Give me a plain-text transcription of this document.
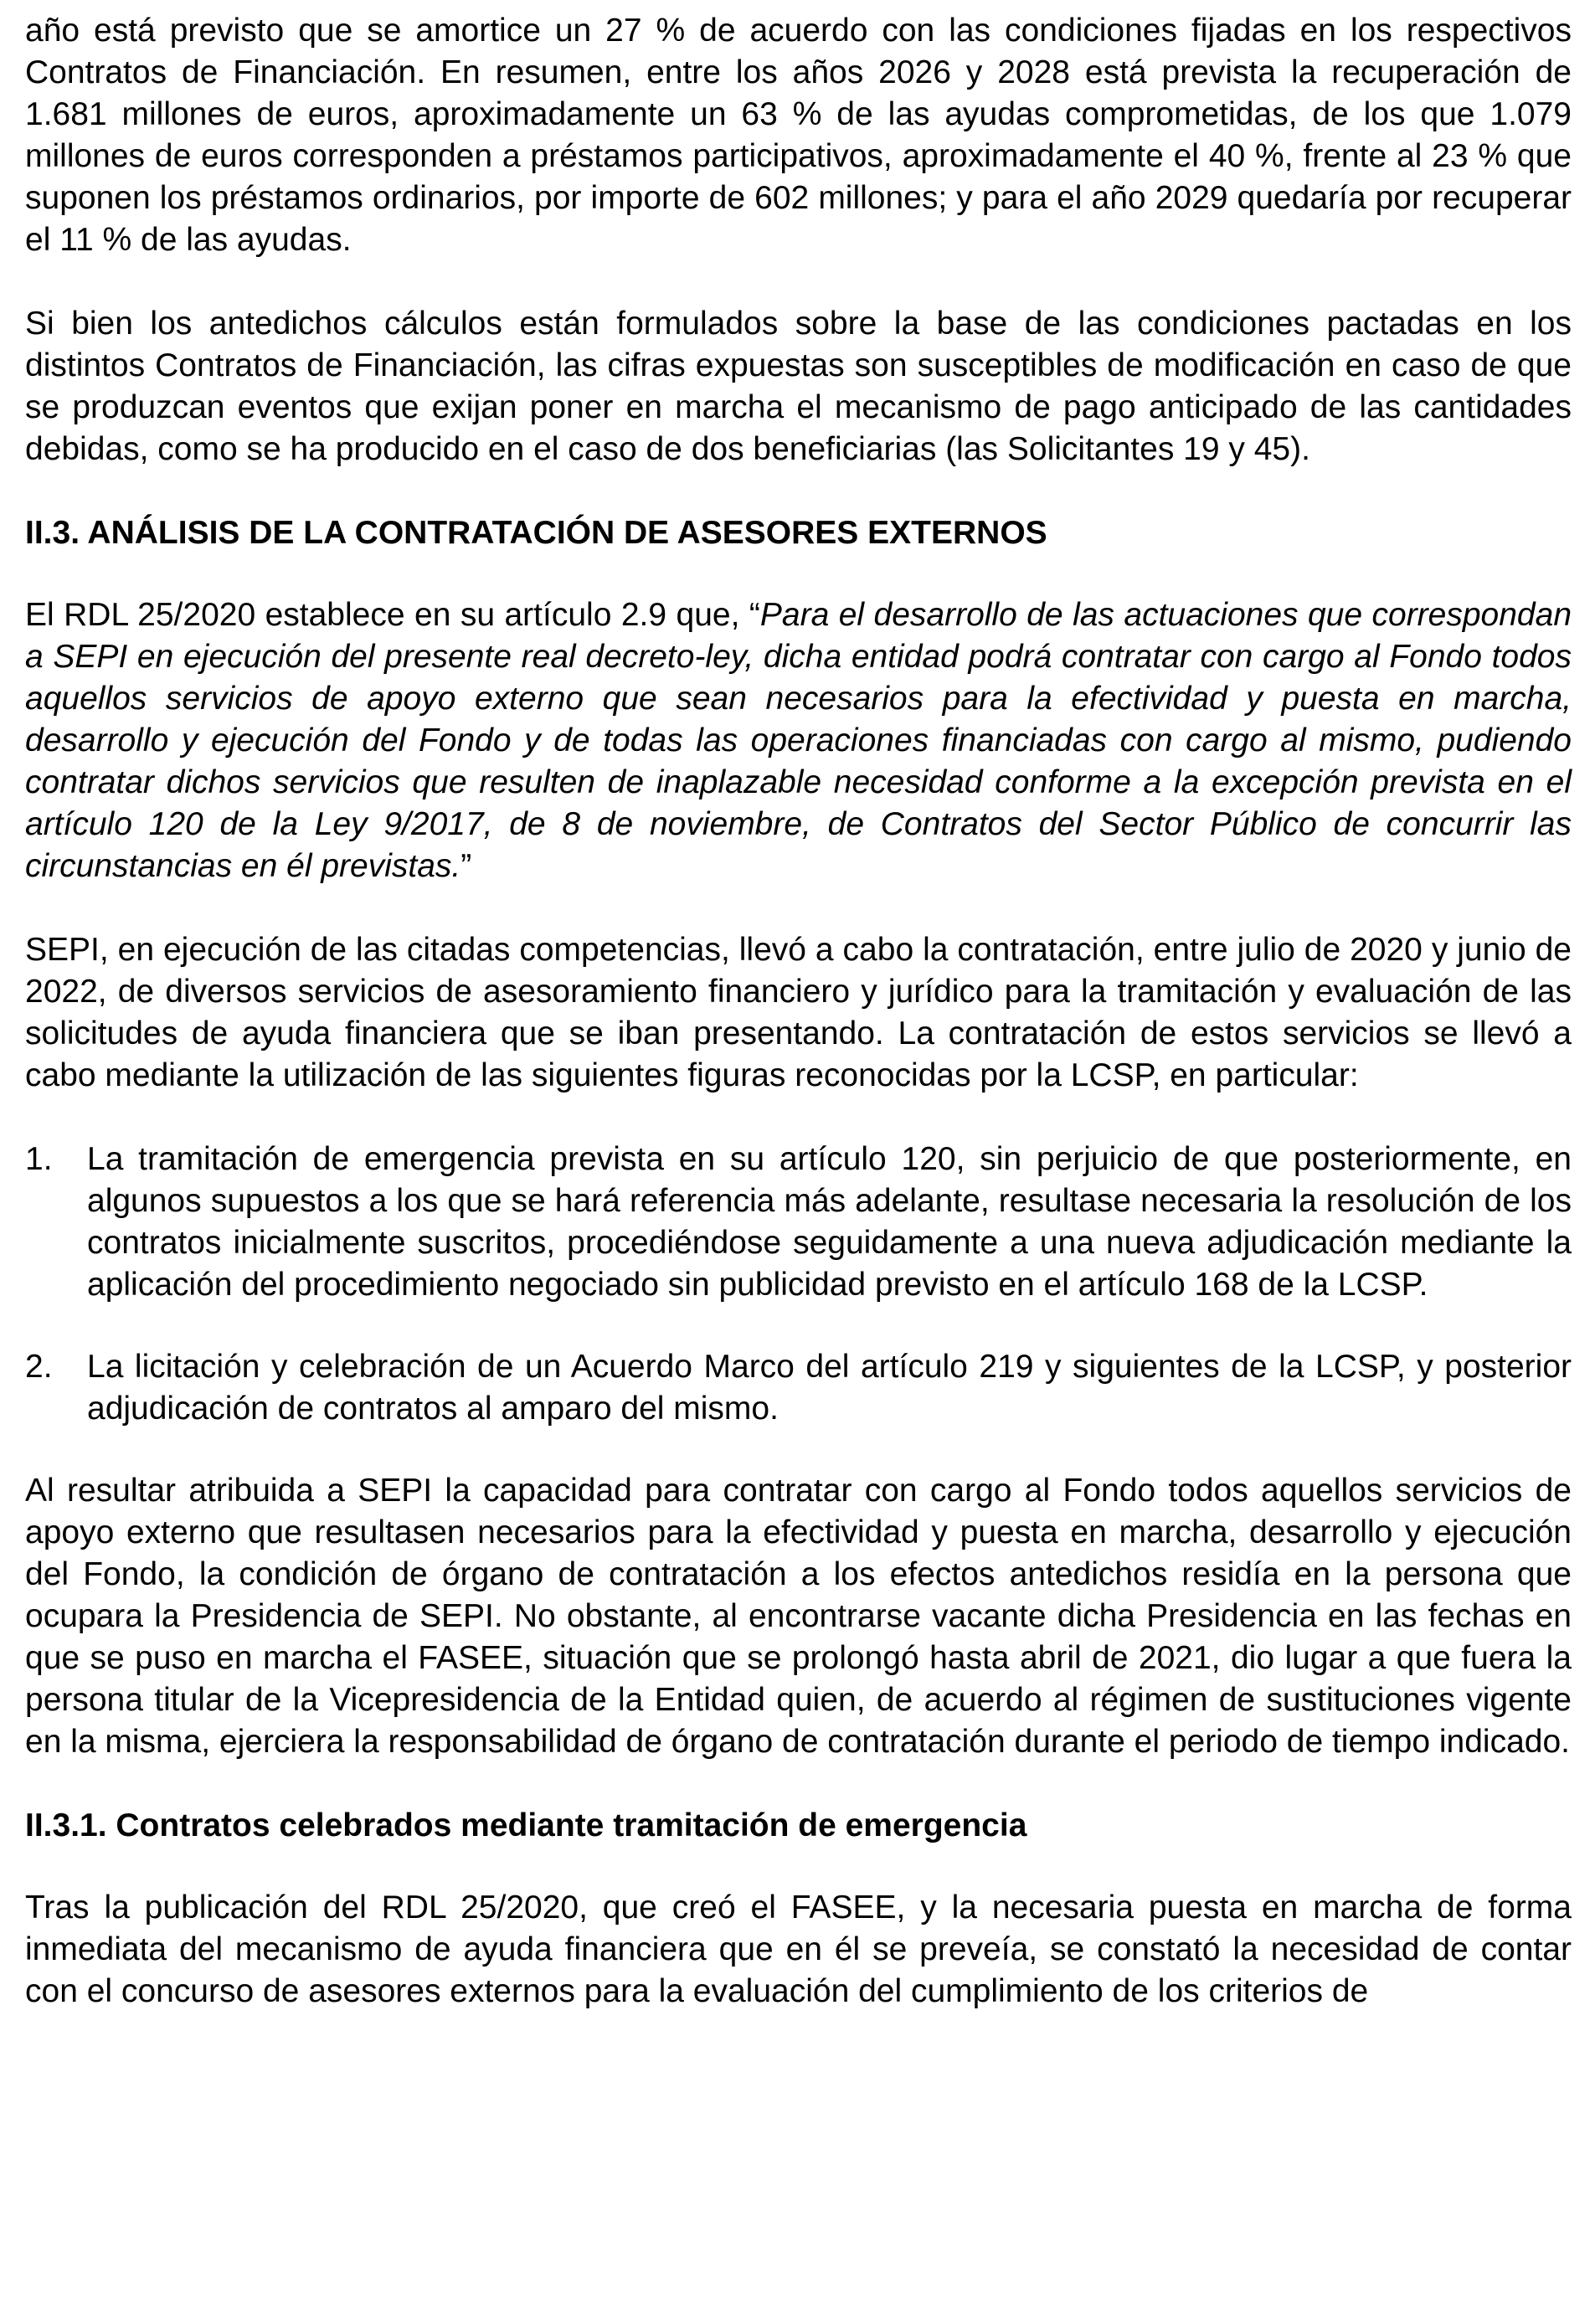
año está previsto que se amortice un 27 % de acuerdo con las condiciones fijadas en los respectivos Contratos de Financiación. En resumen, entre los años 2026 y 2028 está prevista la recuperación de 1.681 millones de euros, aproximadamente un 63 % de las ayudas comprometidas, de los que 1.079 millones de euros corresponden a préstamos participativos, aproximadamente el 40 %, frente al 23 % que suponen los préstamos ordinarios, por importe de 602 millones; y para el año 2029 quedaría por recuperar el 11 % de las ayudas.

Si bien los antedichos cálculos están formulados sobre la base de las condiciones pactadas en los distintos Contratos de Financiación, las cifras expuestas son susceptibles de modificación en caso de que se produzcan eventos que exijan poner en marcha el mecanismo de pago anticipado de las cantidades debidas, como se ha producido en el caso de dos beneficiarias (las Solicitantes 19 y 45).

II.3. ANÁLISIS DE LA CONTRATACIÓN DE ASESORES EXTERNOS

El RDL 25/2020 establece en su artículo 2.9 que, “Para el desarrollo de las actuaciones que correspondan a SEPI en ejecución del presente real decreto-ley, dicha entidad podrá contratar con cargo al Fondo todos aquellos servicios de apoyo externo que sean necesarios para la efectividad y puesta en marcha, desarrollo y ejecución del Fondo y de todas las operaciones financiadas con cargo al mismo, pudiendo contratar dichos servicios que resulten de inaplazable necesidad conforme a la excepción prevista en el artículo 120 de la Ley 9/2017, de 8 de noviembre, de Contratos del Sector Público de concurrir las circunstancias en él previstas.”

SEPI, en ejecución de las citadas competencias, llevó a cabo la contratación, entre julio de 2020 y junio de 2022, de diversos servicios de asesoramiento financiero y jurídico para la tramitación y evaluación de las solicitudes de ayuda financiera que se iban presentando. La contratación de estos servicios se llevó a cabo mediante la utilización de las siguientes figuras reconocidas por la LCSP, en particular:

1.	La tramitación de emergencia prevista en su artículo 120, sin perjuicio de que posteriormente, en algunos supuestos a los que se hará referencia más adelante, resultase necesaria la resolución de los contratos inicialmente suscritos, procediéndose seguidamente a una nueva adjudicación mediante la aplicación del procedimiento negociado sin publicidad previsto en el artículo 168 de la LCSP.
2.	La licitación y celebración de un Acuerdo Marco del artículo 219 y siguientes de la LCSP, y posterior adjudicación de contratos al amparo del mismo.

Al resultar atribuida a SEPI la capacidad para contratar con cargo al Fondo todos aquellos servicios de apoyo externo que resultasen necesarios para la efectividad y puesta en marcha, desarrollo y ejecución del Fondo, la condición de órgano de contratación a los efectos antedichos residía en la persona que ocupara la Presidencia de SEPI. No obstante, al encontrarse vacante dicha Presidencia en las fechas en que se puso en marcha el FASEE, situación que se prolongó hasta abril de 2021, dio lugar a que fuera la persona titular de la Vicepresidencia de la Entidad quien, de acuerdo al régimen de sustituciones vigente en la misma, ejerciera la responsabilidad de órgano de contratación durante el periodo de tiempo indicado.

II.3.1. Contratos celebrados mediante tramitación de emergencia

Tras la publicación del RDL 25/2020, que creó el FASEE, y la necesaria puesta en marcha de forma inmediata del mecanismo de ayuda financiera que en él se preveía, se constató la necesidad de contar con el concurso de asesores externos para la evaluación del cumplimiento de los criterios de
